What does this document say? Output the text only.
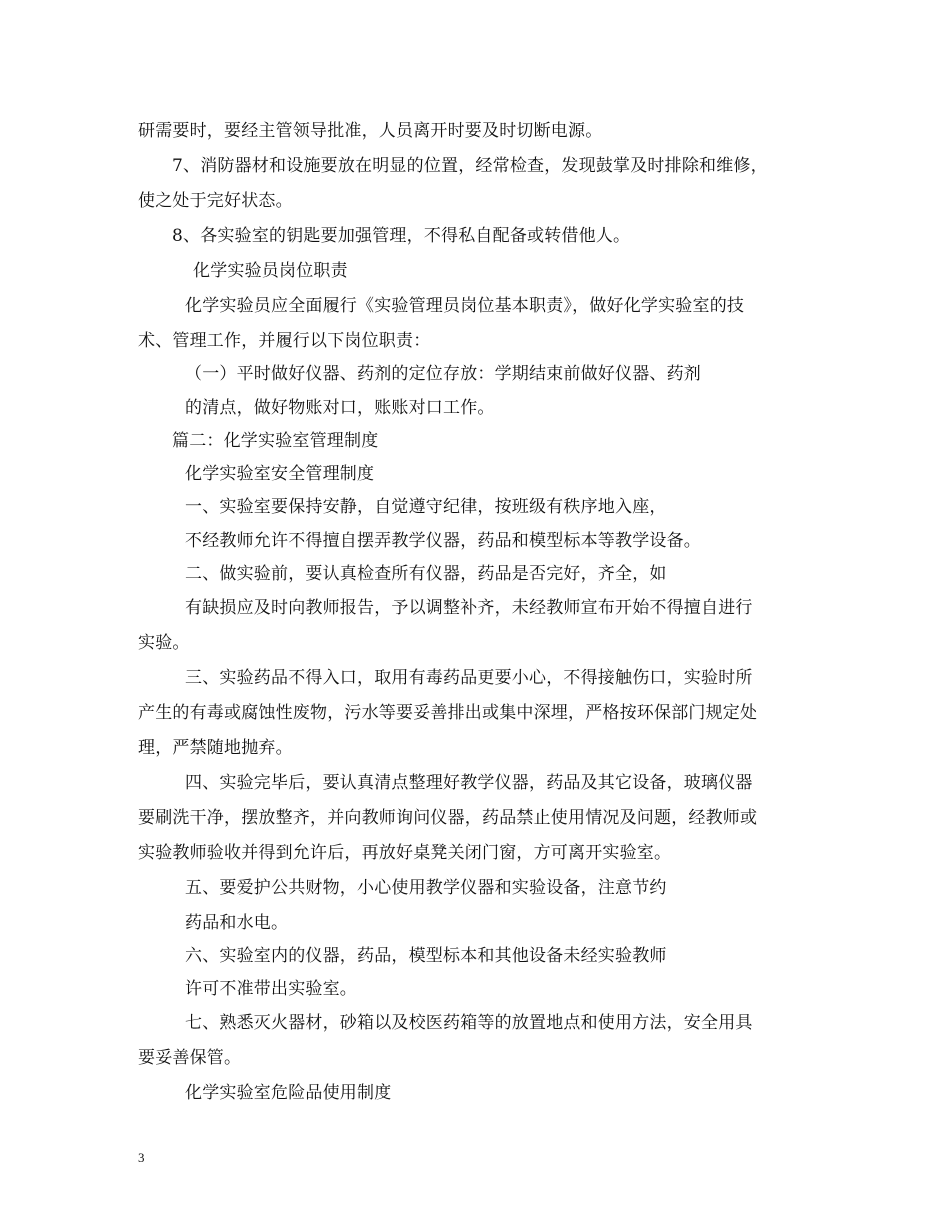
研需要时，要经主管领导批准，人员离开时要及时切断电源。
7、消防器材和设施要放在明显的位置，经常检查，发现鼓掌及时排除和维修，
使之处于完好状态。
8、各实验室的钥匙要加强管理，不得私自配备或转借他人。
化学实验员岗位职责
化学实验员应全面履行《实验管理员岗位基本职责》，做好化学实验室的技
术、管理工作，并履行以下岗位职责：
（一）平时做好仪器、药剂的定位存放：学期结束前做好仪器、药剂
的清点，做好物账对口，账账对口工作。
篇二：化学实验室管理制度
化学实验室安全管理制度
一、实验室要保持安静，自觉遵守纪律，按班级有秩序地入座，
不经教师允许不得擅自摆弄教学仪器，药品和模型标本等教学设备。
二、做实验前，要认真检查所有仪器，药品是否完好，齐全，如
有缺损应及时向教师报告，予以调整补齐，未经教师宣布开始不得擅自进行
实验。
三、实验药品不得入口，取用有毒药品更要小心，不得接触伤口，实验时所
产生的有毒或腐蚀性废物，污水等要妥善排出或集中深埋，严格按环保部门规定处
理，严禁随地抛弃。
四、实验完毕后，要认真清点整理好教学仪器，药品及其它设备，玻璃仪器
要刷洗干净，摆放整齐，并向教师询问仪器，药品禁止使用情况及问题，经教师或
实验教师验收并得到允许后，再放好桌凳关闭门窗，方可离开实验室。
五、要爱护公共财物，小心使用教学仪器和实验设备，注意节约
药品和水电。
六、实验室内的仪器，药品，模型标本和其他设备未经实验教师
许可不准带出实验室。
七、熟悉灭火器材，砂箱以及校医药箱等的放置地点和使用方法，安全用具
要妥善保管。
化学实验室危险品使用制度
3
